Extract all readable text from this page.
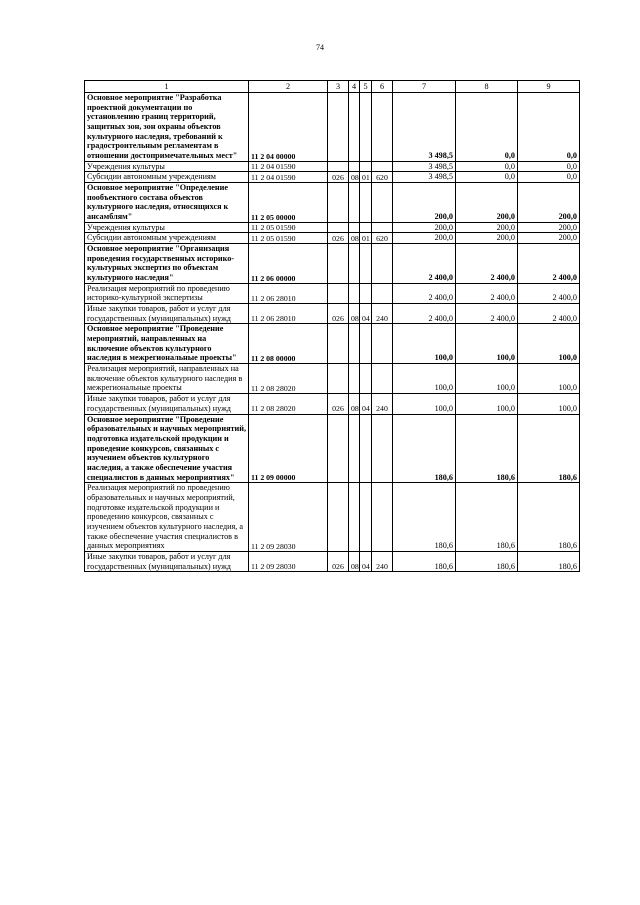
74
1	2	3	4	5	6	7	8	9
Основное мероприятие "Разработка проектной документации по установлению границ территорий, защитных зон, зон охраны объектов культурного наследия, требований к градостроительным регламентам в отношении достопримечательных мест"	11 2 04 00000					3 498,5	0,0	0,0
Учреждения культуры	11 2 04 01590					3 498,5	0,0	0,0
Субсидии автономным учреждениям	11 2 04 01590	026	08	01	620	3 498,5	0,0	0,0
Основное мероприятие "Определение пообъектного состава объектов культурного наследия, относящихся к ансамблям"	11 2 05 00000					200,0	200,0	200,0
Учреждения культуры	11 2 05 01590					200,0	200,0	200,0
Субсидии автономным учреждениям	11 2 05 01590	026	08	01	620	200,0	200,0	200,0
Основное мероприятие "Организация проведения государственных историко-культурных экспертиз по объектам культурного наследия"	11 2 06 00000					2 400,0	2 400,0	2 400,0
Реализация мероприятий по проведению историко-культурной экспертизы	11 2 06 28010					2 400,0	2 400,0	2 400,0
Иные закупки товаров, работ и услуг для государственных (муниципальных) нужд	11 2 06 28010	026	08	04	240	2 400,0	2 400,0	2 400,0
Основное мероприятие "Проведение мероприятий, направленных на включение объектов культурного наследия в межрегиональные проекты"	11 2 08 00000					100,0	100,0	100,0
Реализация мероприятий, направленных на включение объектов культурного наследия в межрегиональные проекты	11 2 08 28020					100,0	100,0	100,0
Иные закупки товаров, работ и услуг для государственных (муниципальных) нужд	11 2 08 28020	026	08	04	240	100,0	100,0	100,0
Основное мероприятие "Проведение образовательных и научных мероприятий, подготовка издательской продукции и проведение конкурсов, связанных с изучением объектов культурного наследия, а также обеспечение участия специалистов в данных мероприятиях"	11 2 09 00000					180,6	180,6	180,6
Реализация мероприятий по проведению образовательных и научных мероприятий, подготовке издательской продукции и проведению конкурсов, связанных с изучением объектов культурного наследия, а также обеспечение участия специалистов в данных мероприятиях	11 2 09 28030					180,6	180,6	180,6
Иные закупки товаров, работ и услуг для государственных (муниципальных) нужд	11 2 09 28030	026	08	04	240	180,6	180,6	180,6
